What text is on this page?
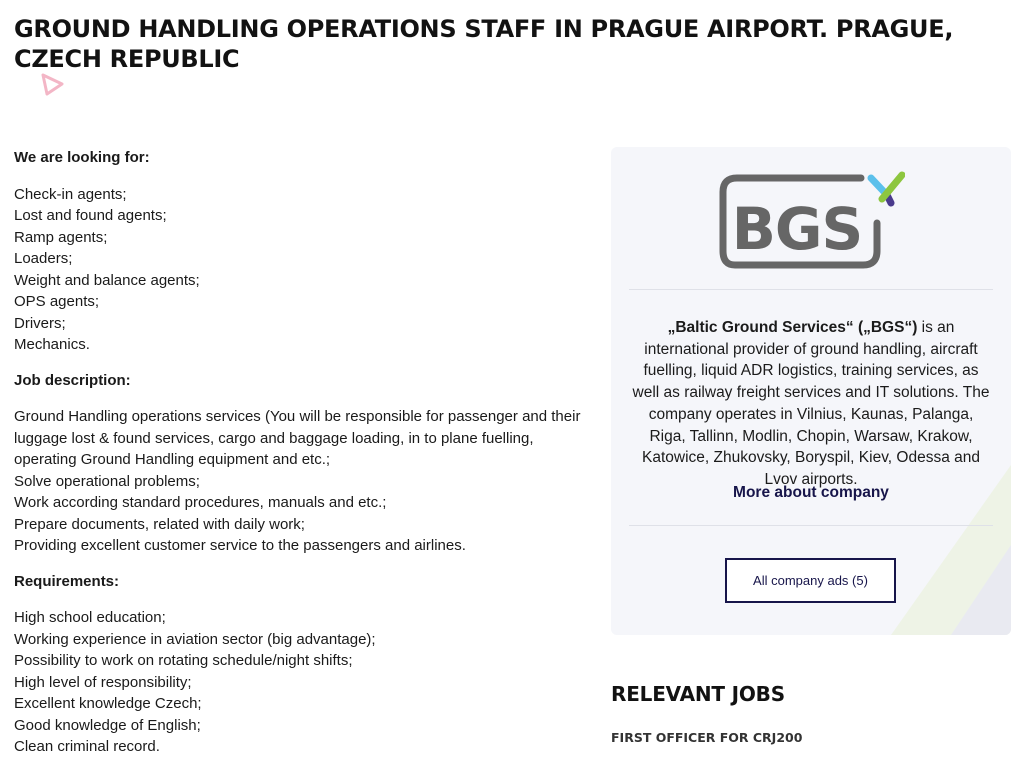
GROUND HANDLING OPERATIONS STAFF IN PRAGUE AIRPORT. PRAGUE, CZECH REPUBLIC
We are looking for:
Check-in agents;
Lost and found agents;
Ramp agents;
Loaders;
Weight and balance agents;
OPS agents;
Drivers;
Mechanics.
Job description:
Ground Handling operations services (You will be responsible for passenger and their luggage lost & found services, cargo and baggage loading, in to plane fuelling, operating Ground Handling equipment and etc.;
Solve operational problems;
Work according standard procedures, manuals and etc.;
Prepare documents, related with daily work;
Providing excellent customer service to the passengers and airlines.
Requirements:
High school education;
Working experience in aviation sector (big advantage);
Possibility to work on rotating schedule/night shifts;
High level of responsibility;
Excellent knowledge Czech;
Good knowledge of English;
Clean criminal record.
BGS

„Baltic Ground Services“ („BGS“) is an international provider of ground handling, aircraft fuelling, liquid ADR logistics, training services, as well as railway freight services and IT solutions. The company operates in Vilnius, Kaunas, Palanga, Riga, Tallinn, Modlin, Chopin, Warsaw, Krakow, Katowice, Zhukovsky, Boryspil, Kiev, Odessa and Lvov airports.

More about company
All company ads (5)
RELEVANT JOBS
FIRST OFFICER FOR CRJ200
